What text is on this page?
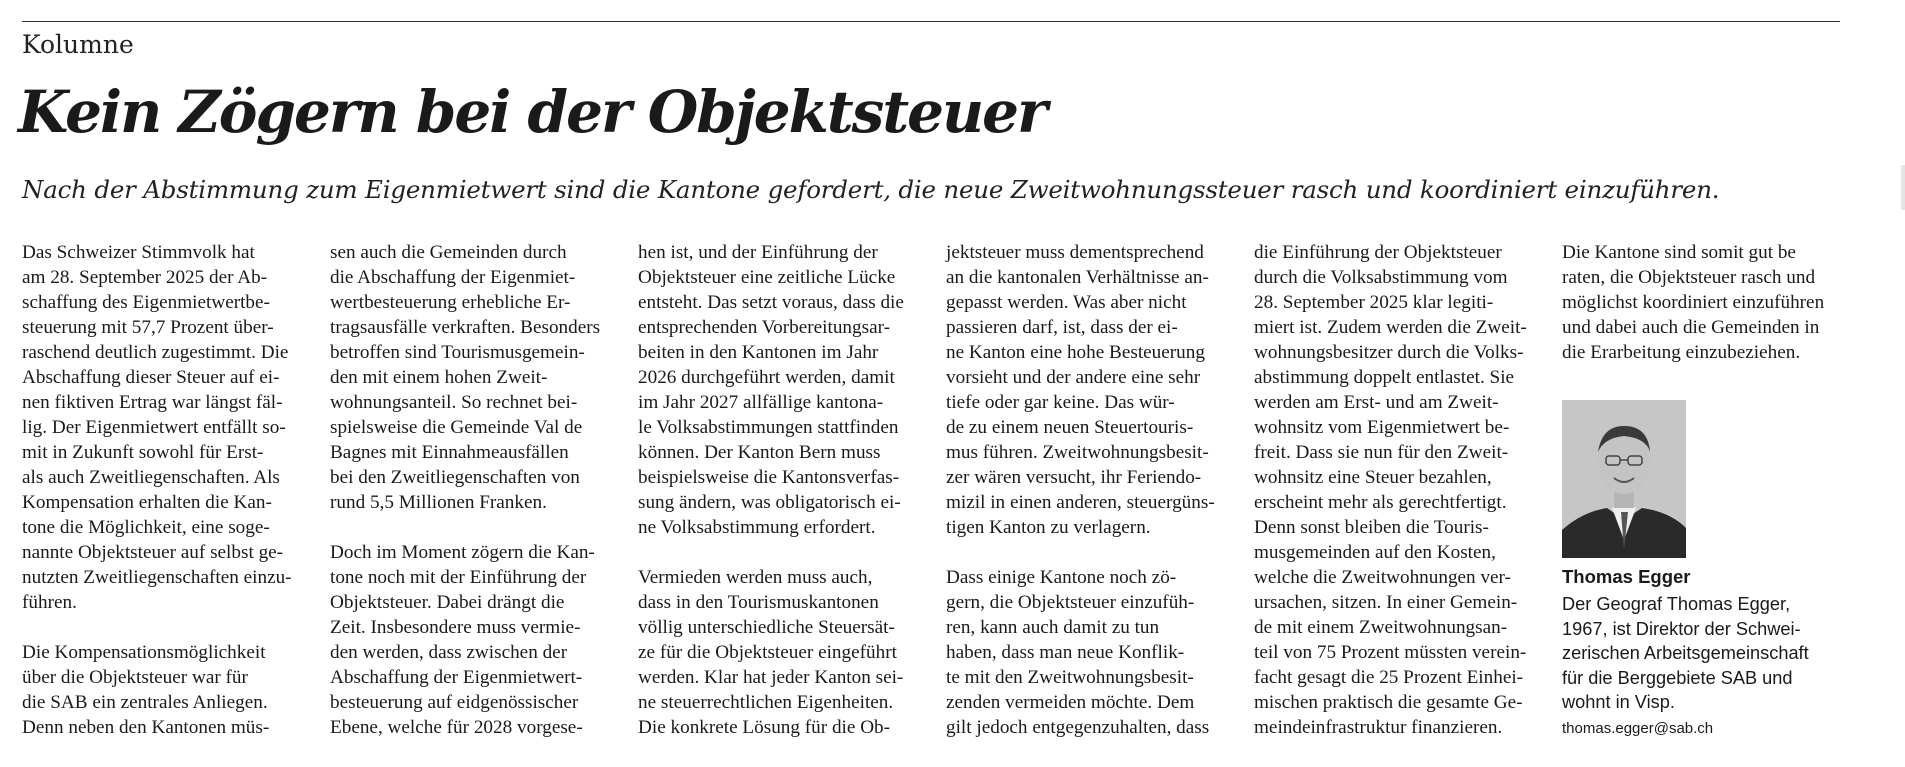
Kolumne
Kein Zögern bei der Objektsteuer
Nach der Abstimmung zum Eigenmietwert sind die Kantone gefordert, die neue Zweitwohnungssteuer rasch und koordiniert einzuführen.
Das Schweizer Stimmvolk hat
am 28. September 2025 der Ab-
schaffung des Eigenmietwertbe-
steuerung mit 57,7 Prozent über-
raschend deutlich zugestimmt. Die
Abschaffung dieser Steuer auf ei-
nen fiktiven Ertrag war längst fäl-
lig. Der Eigenmietwert entfällt so-
mit in Zukunft sowohl für Erst-
als auch Zweitliegenschaften. Als
Kompensation erhalten die Kan-
tone die Möglichkeit, eine soge-
nannte Objektsteuer auf selbst ge-
nutzten Zweitliegenschaften einzu-
führen.
Die Kompensationsmöglichkeit
über die Objektsteuer war für
die SAB ein zentrales Anliegen.
Denn neben den Kantonen müs-
sen auch die Gemeinden durch
die Abschaffung der Eigenmiet-
wertbesteuerung erhebliche Er-
tragsausfälle verkraften. Besonders
betroffen sind Tourismusgemein-
den mit einem hohen Zweit-
wohnungsanteil. So rechnet bei-
spielsweise die Gemeinde Val de
Bagnes mit Einnahmeausfällen
bei den Zweitliegenschaften von
rund 5,5 Millionen Franken.
Doch im Moment zögern die Kan-
tone noch mit der Einführung der
Objektsteuer. Dabei drängt die
Zeit. Insbesondere muss vermie-
den werden, dass zwischen der
Abschaffung der Eigenmietwert-
besteuerung auf eidgenössischer
Ebene, welche für 2028 vorgese-
hen ist, und der Einführung der
Objektsteuer eine zeitliche Lücke
entsteht. Das setzt voraus, dass die
entsprechenden Vorbereitungsar-
beiten in den Kantonen im Jahr
2026 durchgeführt werden, damit
im Jahr 2027 allfällige kantona-
le Volksabstimmungen stattfinden
können. Der Kanton Bern muss
beispielsweise die Kantonsverfas-
sung ändern, was obligatorisch ei-
ne Volksabstimmung erfordert.
Vermieden werden muss auch,
dass in den Tourismuskantonen
völlig unterschiedliche Steuersät-
ze für die Objektsteuer eingeführt
werden. Klar hat jeder Kanton sei-
ne steuerrechtlichen Eigenheiten.
Die konkrete Lösung für die Ob-
jektsteuer muss dementsprechend
an die kantonalen Verhältnisse an-
gepasst werden. Was aber nicht
passieren darf, ist, dass der ei-
ne Kanton eine hohe Besteuerung
vorsieht und der andere eine sehr
tiefe oder gar keine. Das wür-
de zu einem neuen Steuertouris-
mus führen. Zweitwohnungsbesit-
zer wären versucht, ihr Feriendo-
mizil in einen anderen, steuergüns-
tigen Kanton zu verlagern.
Dass einige Kantone noch zö-
gern, die Objektsteuer einzufüh-
ren, kann auch damit zu tun
haben, dass man neue Konflik-
te mit den Zweitwohnungsbesit-
zenden vermeiden möchte. Dem
gilt jedoch entgegenzuhalten, dass
die Einführung der Objektsteuer
durch die Volksabstimmung vom
28. September 2025 klar legiti-
miert ist. Zudem werden die Zweit-
wohnungsbesitzer durch die Volks-
abstimmung doppelt entlastet. Sie
werden am Erst- und am Zweit-
wohnsitz vom Eigenmietwert be-
freit. Dass sie nun für den Zweit-
wohnsitz eine Steuer bezahlen,
erscheint mehr als gerechtfertigt.
Denn sonst bleiben die Touris-
musgemeinden auf den Kosten,
welche die Zweitwohnungen ver-
ursachen, sitzen. In einer Gemein-
de mit einem Zweitwohnungsan-
teil von 75 Prozent müssten verein-
facht gesagt die 25 Prozent Einhei-
mischen praktisch die gesamte Ge-
meindeinfrastruktur finanzieren.
Die Kantone sind somit gut be
raten, die Objektsteuer rasch und
möglichst koordiniert einzuführen
und dabei auch die Gemeinden in
die Erarbeitung einzubeziehen.
Thomas Egger
Der Geograf Thomas Egger,
1967, ist Direktor der Schwei-
zerischen Arbeitsgemeinschaft
für die Berggebiete SAB und
wohnt in Visp.
thomas.egger@sab.ch
